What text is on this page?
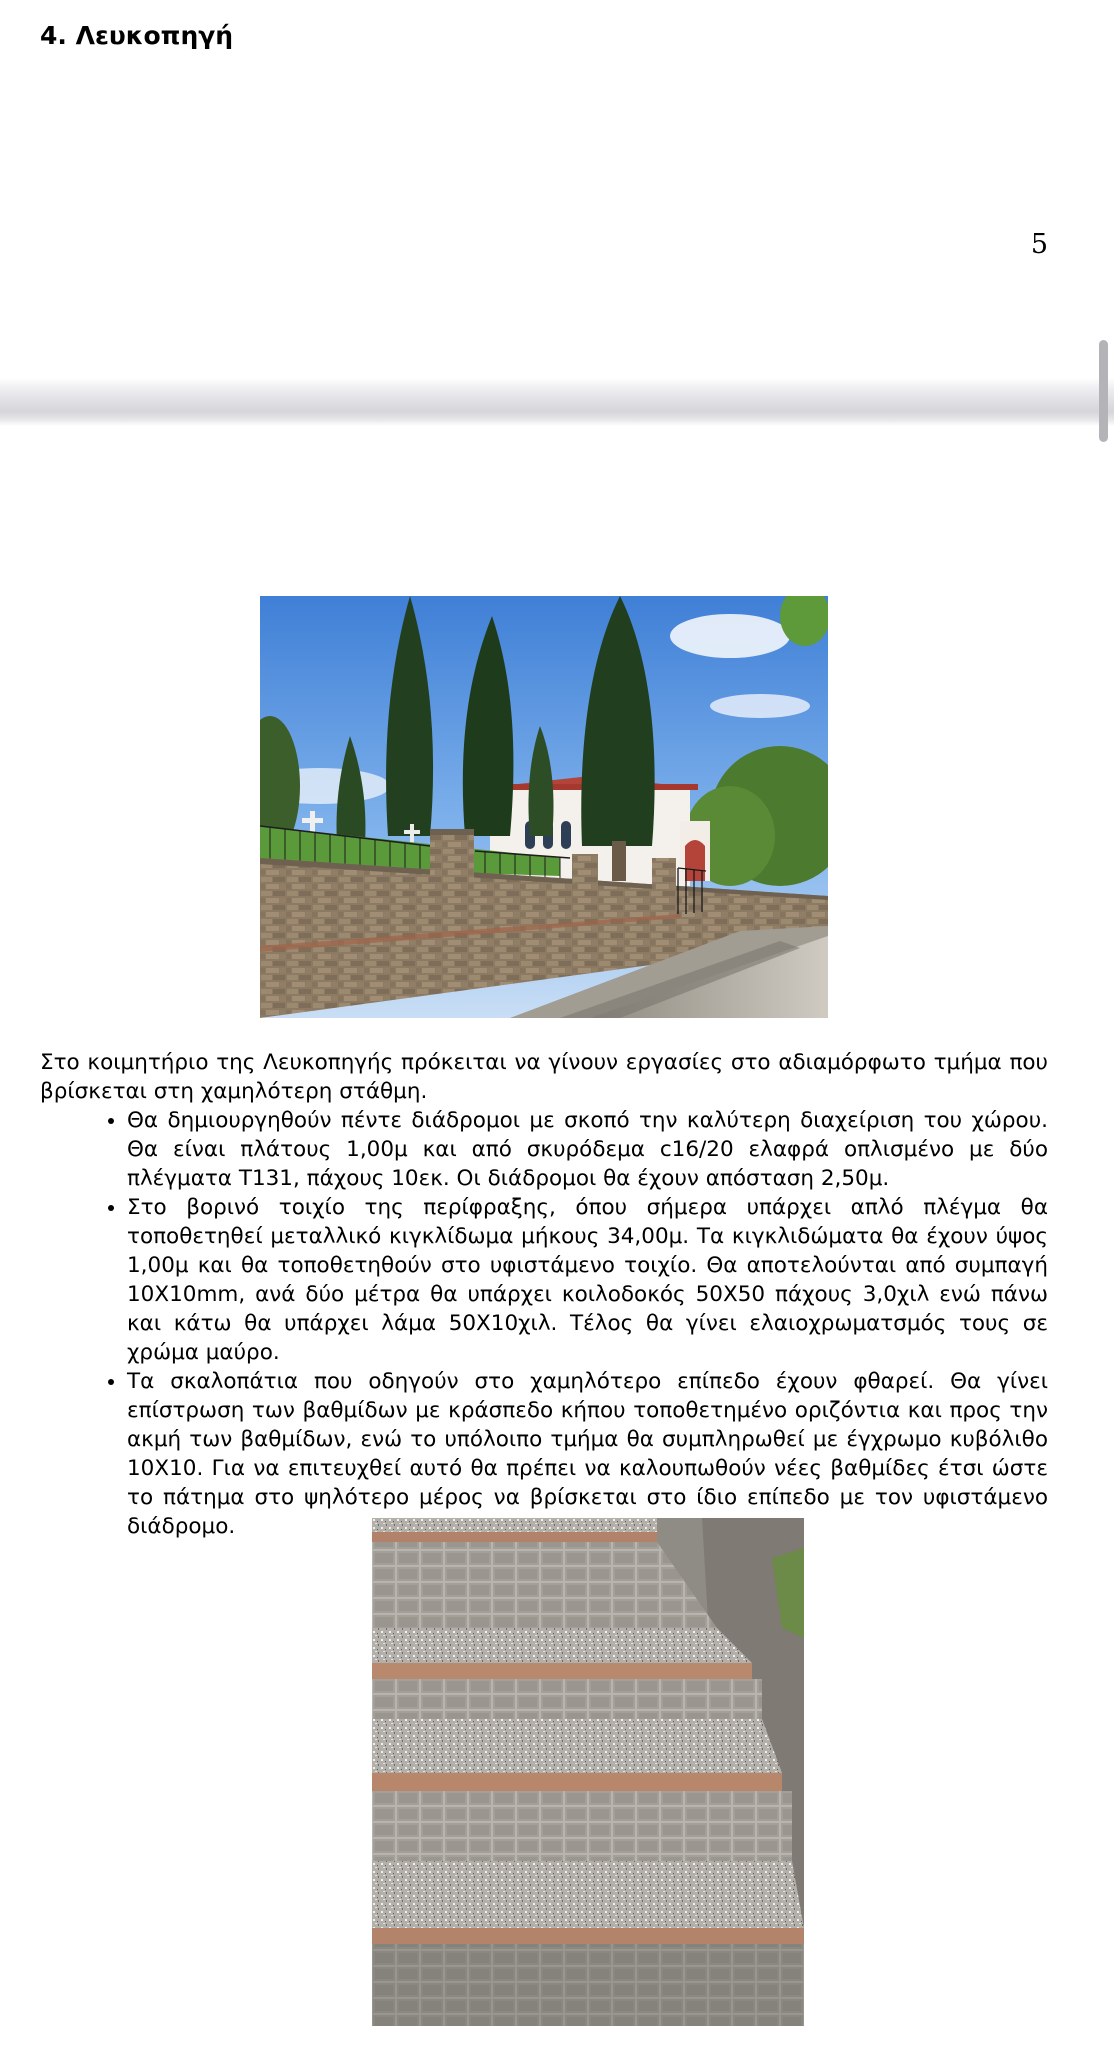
4. Λευκοπηγή
5

Στο κοιμητήριο της Λευκοπηγής πρόκειται να γίνουν εργασίες στο αδιαμόρφωτο τμήμα που βρίσκεται στη χαμηλότερη στάθμη.

• Θα δημιουργηθούν πέντε διάδρομοι με σκοπό την καλύτερη διαχείριση του χώρου. Θα είναι πλάτους 1,00μ και από σκυρόδεμα c16/20 ελαφρά οπλισμένο με δύο πλέγματα Τ131, πάχους 10εκ. Οι διάδρομοι θα έχουν απόσταση 2,50μ.
• Στο βορινό τοιχίο της περίφραξης, όπου σήμερα υπάρχει απλό πλέγμα θα τοποθετηθεί μεταλλικό κιγκλίδωμα μήκους 34,00μ. Τα κιγκλιδώματα θα έχουν ύψος 1,00μ και θα τοποθετηθούν στο υφιστάμενο τοιχίο. Θα αποτελούνται από συμπαγή 10Χ10mm, ανά δύο μέτρα θα υπάρχει κοιλοδοκός 50Χ50 πάχους 3,0χιλ ενώ πάνω και κάτω θα υπάρχει λάμα 50Χ10χιλ. Τέλος θα γίνει ελαιοχρωματσμός τους σε χρώμα μαύρο.
• Τα σκαλοπάτια που οδηγούν στο χαμηλότερο επίπεδο έχουν φθαρεί. Θα γίνει επίστρωση των βαθμίδων με κράσπεδο κήπου τοποθετημένο οριζόντια και προς την ακμή των βαθμίδων, ενώ το υπόλοιπο τμήμα θα συμπληρωθεί με έγχρωμο κυβόλιθο 10Χ10. Για να επιτευχθεί αυτό θα πρέπει να καλουπωθούν νέες βαθμίδες έτσι ώστε το πάτημα στο ψηλότερο μέρος να βρίσκεται στο ίδιο επίπεδο με τον υφιστάμενο διάδρομο.
